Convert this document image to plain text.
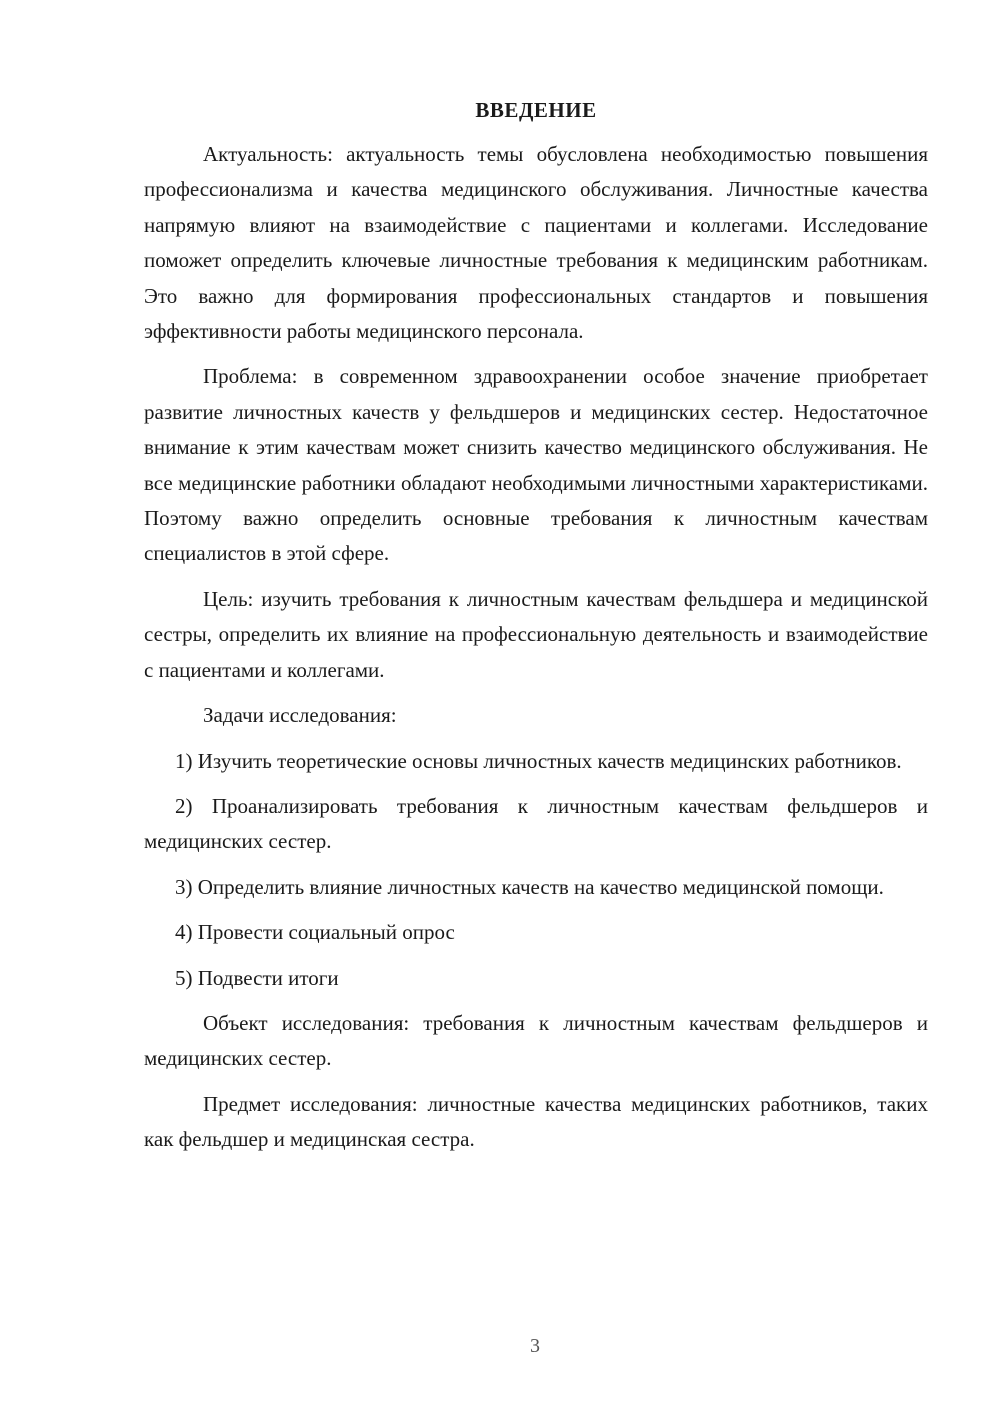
ВВЕДЕНИЕ

Актуальность: актуальность темы обусловлена необходимостью повышения профессионализма и качества медицинского обслуживания. Личностные качества напрямую влияют на взаимодействие с пациентами и коллегами. Исследование поможет определить ключевые личностные требования к медицинским работникам. Это важно для формирования профессиональных стандартов и повышения эффективности работы медицинского персонала.

Проблема: в современном здравоохранении особое значение приобретает развитие личностных качеств у фельдшеров и медицинских сестер. Недостаточное внимание к этим качествам может снизить качество медицинского обслуживания. Не все медицинские работники обладают необходимыми личностными характеристиками. Поэтому важно определить основные требования к личностным качествам специалистов в этой сфере.

Цель: изучить требования к личностным качествам фельдшера и медицинской сестры, определить их влияние на профессиональную деятельность и взаимодействие с пациентами и коллегами.

Задачи исследования:

1) Изучить теоретические основы личностных качеств медицинских работников.

2) Проанализировать требования к личностным качествам фельдшеров и медицинских сестер.

3) Определить влияние личностных качеств на качество медицинской помощи.

4) Провести социальный опрос

5) Подвести итоги

Объект исследования: требования к личностным качествам фельдшеров и медицинских сестер.

Предмет исследования: личностные качества медицинских работников, таких как фельдшер и медицинская сестра.

3
